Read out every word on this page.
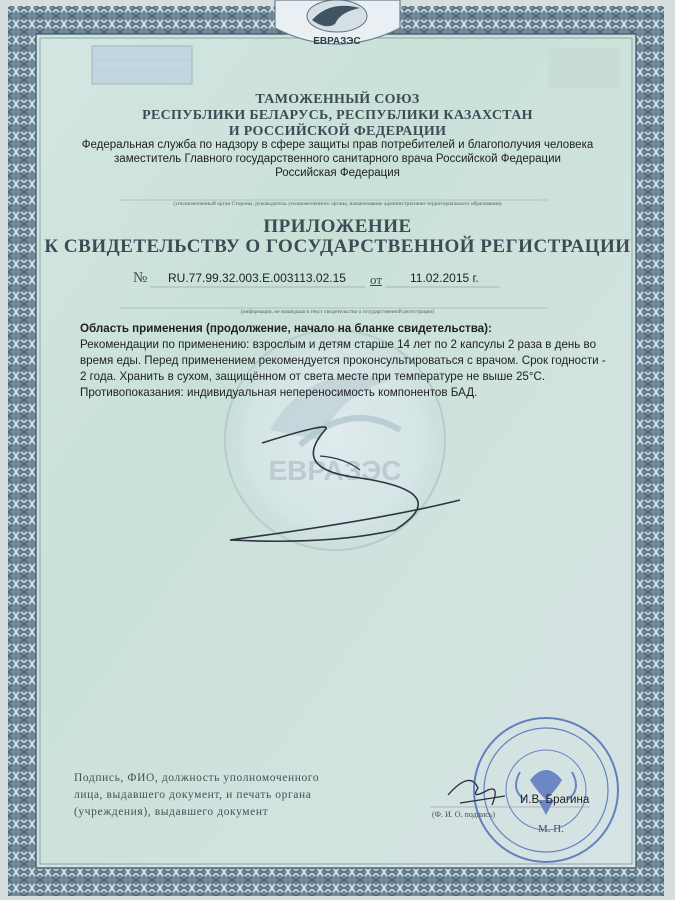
ЕВРАЗЭС
ЕВРАЗЭС
ТАМОЖЕННЫЙ СОЮЗ
РЕСПУБЛИКИ БЕЛАРУСЬ, РЕСПУБЛИКИ КАЗАХСТАН
И РОССИЙСКОЙ ФЕДЕРАЦИИ
Федеральная служба по надзору в сфере защиты прав потребителей и благополучия человека
заместитель Главного государственного санитарного врача Российской Федерации
Российская Федерация
(уполномоченный орган Стороны, руководитель уполномоченного органа, наименование административно-территориального образования)
ПРИЛОЖЕНИЕ
К СВИДЕТЕЛЬСТВУ О ГОСУДАРСТВЕННОЙ РЕГИСТРАЦИИ
№ RU.77.99.32.003.E.003113.02.15 от 11.02.2015 г.
(информация, не вошедшая в текст свидетельства о государственной регистрации)
Область применения (продолжение, начало на бланке свидетельства):
Рекомендации по применению: взрослым и детям старше 14 лет по 2 капсулы 2 раза в день во
время еды. Перед применением рекомендуется проконсультироваться с врачом. Срок годности -
2 года. Хранить в сухом, защищённом от света месте при температуре не выше 25°C.
Противопоказания: индивидуальная непереносимость компонентов БАД.
Подпись, ФИО, должность уполномоченного
лица, выдавшего документ, и печать органа
(учреждения), выдавшего документ
И.В. Брагина
(Ф. И. О. подпись)
М. П.
